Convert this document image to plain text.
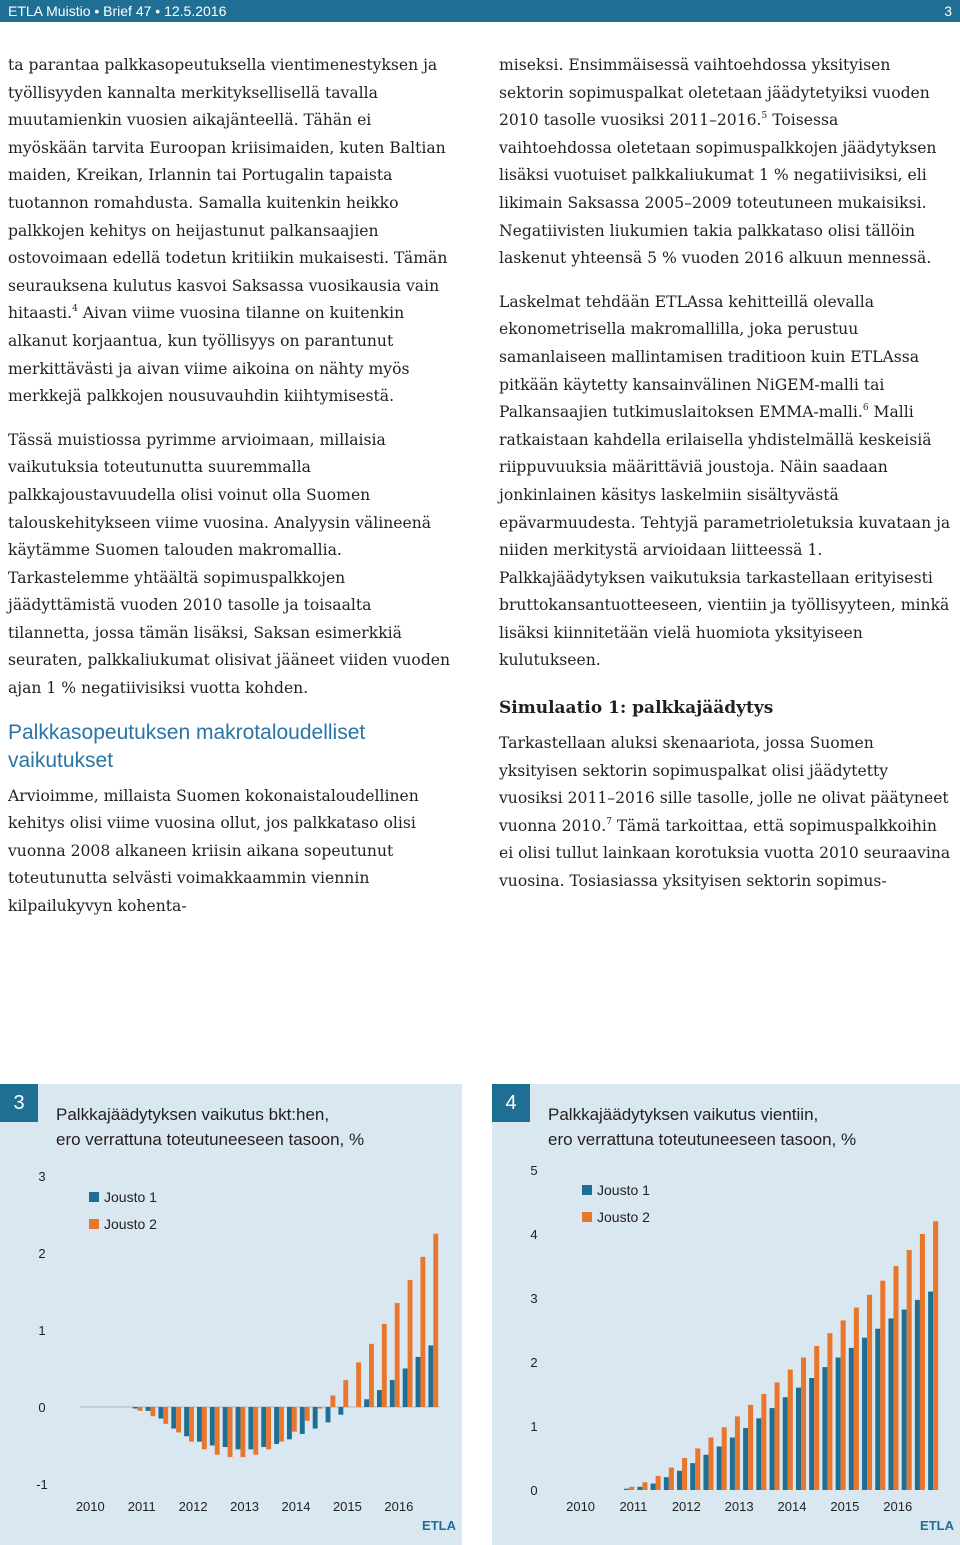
ETLA Muistio • Brief 47 • 12.5.2016	3

ta parantaa palkkasopeutuksella vientimenestyksen ja työllisyyden kannalta merkityksellisellä tavalla muutamienkin vuosien aikajänteellä. Tähän ei myöskään tarvita Euroopan kriisimaiden, kuten Baltian maiden, Kreikan, Irlannin tai Portugalin tapaista tuotannon romahdusta. Samalla kuitenkin heikko palkkojen kehitys on heijastunut palkansaajien ostovoimaan edellä todetun kritiikin mukaisesti. Tämän seurauksena kulutus kasvoi Saksassa vuosikausia vain hitaasti.$^4$ Aivan viime vuosina tilanne on kuitenkin alkanut korjaantua, kun työllisyys on parantunut merkittävästi ja aivan viime aikoina on nähty myös merkkejä palkkojen nousuvauhdin kiihtymisestä.

Tässä muistiossa pyrimme arvioimaan, millaisia vaikutuksia toteutunutta suuremmalla palkkajoustavuudella olisi voinut olla Suomen talouskehitykseen viime vuosina. Analyysin välineenä käytämme Suomen talouden makromallia. Tarkastelemme yhtäältä sopimuspalkkojen jäädyttämistä vuoden 2010 tasolle ja toisaalta tilannetta, jossa tämän lisäksi, Saksan esimerkkiä seuraten, palkkaliukumat olisivat jääneet viiden vuoden ajan 1 % negatiivisiksi vuotta kohden.

Palkkasopeutuksen makrotaloudelliset vaikutukset

Arvioimme, millaista Suomen kokonaistaloudellinen kehitys olisi viime vuosina ollut, jos palkkataso olisi vuonna 2008 alkaneen kriisin aikana sopeutunut toteutunutta selvästi voimakkaammin viennin kilpailukyvyn kohenta-

miseksi. Ensimmäisessä vaihtoehdossa yksityisen sektorin sopimuspalkat oletetaan jäädytetyiksi vuoden 2010 tasolle vuosiksi 2011–2016.$^5$ Toisessa vaihtoehdossa oletetaan sopimuspalkkojen jäädytyksen lisäksi vuotuiset palkkaliukumat 1 % negatiivisiksi, eli likimain Saksassa 2005–2009 toteutuneen mukaisiksi. Negatiivisten liukumien takia palkkataso olisi tällöin laskenut yhteensä 5 % vuoden 2016 alkuun mennessä.

Laskelmat tehdään ETLAssa kehitteillä olevalla ekonometrisella makromallilla, joka perustuu samanlaiseen mallintamisen traditioon kuin ETLAssa pitkään käytetty kansainvälinen NiGEM-malli tai Palkansaajien tutkimuslaitoksen EMMA-malli.$^6$ Malli ratkaistaan kahdella erilaisella yhdistelmällä keskeisiä riippuvuuksia määrittäviä joustoja. Näin saadaan jonkinlainen käsitys laskelmiin sisältyvästä epävarmuudesta. Tehtyjä parametrioletuksia kuvataan ja niiden merkitystä arvioidaan liitteessä 1. Palkkajäädytyksen vaikutuksia tarkastellaan erityisesti bruttokansantuotteeseen, vientiin ja työllisyyteen, minkä lisäksi kiinnitetään vielä huomiota yksityiseen kulutukseen.

Simulaatio 1: palkkajäädytys

Tarkastellaan aluksi skenaariota, jossa Suomen yksityisen sektorin sopimuspalkat olisi jäädytetty vuosiksi 2011–2016 sille tasolle, jolle ne olivat päätyneet vuonna 2010.$^7$ Tämä tarkoittaa, että sopimuspalkkoihin ei olisi tullut lainkaan korotuksia vuotta 2010 seuraavina vuosina. Tosiasiassa yksityisen sektorin sopimus-

3
Palkkajäädytyksen vaikutus bkt:hen,
ero verrattuna toteutuneeseen tasoon, %
3
2
1
0
-1
2010 2011 2012 2013 2014 2015 2016
Jousto 1
Jousto 2
ETLA
4
Palkkajäädytyksen vaikutus vientiin,
ero verrattuna toteutuneeseen tasoon, %
5
4
3
2
1
0
2010 2011 2012 2013 2014 2015 2016
Jousto 1
Jousto 2
ETLA
